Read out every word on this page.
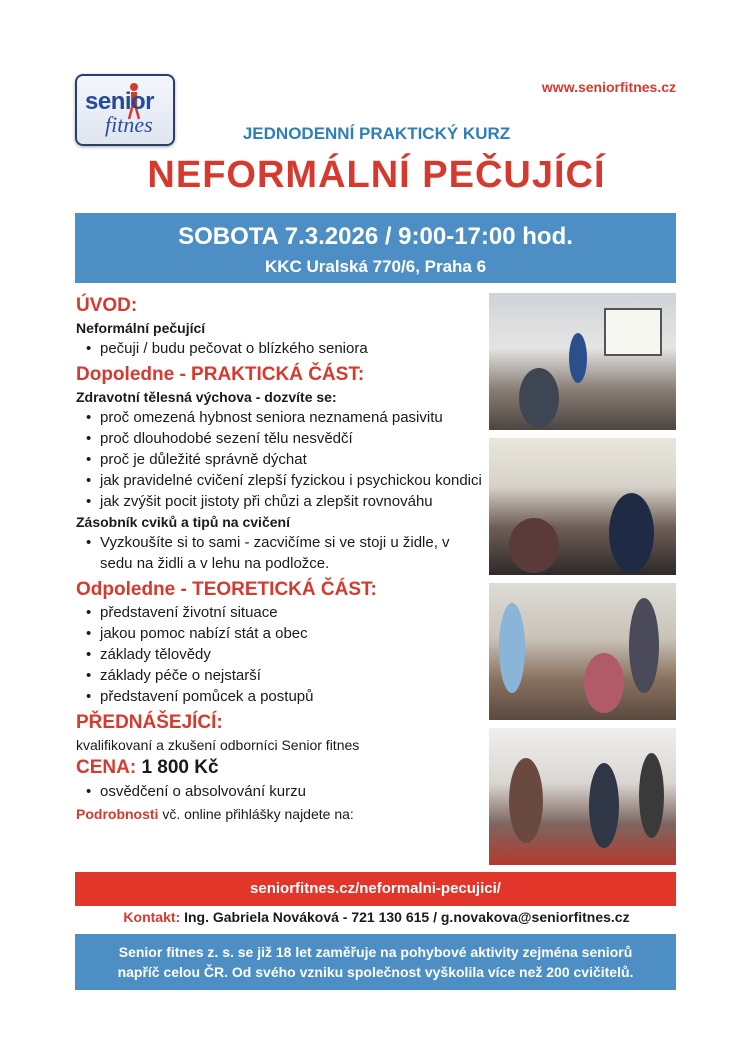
senior
fitnes
www.seniorfitnes.cz
JEDNODENNÍ PRAKTICKÝ KURZ
NEFORMÁLNÍ PEČUJÍCÍ
SOBOTA 7.3.2026 / 9:00-17:00 hod.
KKC Uralská 770/6, Praha 6
ÚVOD:
Neformální pečující
• pečuji / budu pečovat o blízkého seniora
Dopoledne - PRAKTICKÁ ČÁST:
Zdravotní tělesná výchova - dozvíte se:
• proč omezená hybnost seniora neznamená pasivitu
• proč dlouhodobé sezení tělu nesvědčí
• proč je důležité správně dýchat
• jak pravidelné cvičení zlepší fyzickou i psychickou kondici
• jak zvýšit pocit jistoty při chůzi a zlepšit rovnováhu
Zásobník cviků a tipů na cvičení
• Vyzkoušíte si to sami - zacvičíme si ve stoji u židle, v sedu na židli a v lehu na podložce.
Odpoledne - TEORETICKÁ ČÁST:
• představení životní situace
• jakou pomoc nabízí stát a obec
• základy tělovědy
• základy péče o nejstarší
• představení pomůcek a postupů
PŘEDNÁŠEJÍCÍ:
kvalifikovaní a zkušení odborníci Senior fitnes
CENA: 1 800 Kč
• osvědčení o absolvování kurzu
Podrobnosti vč. online přihlášky najdete na:
seniorfitnes.cz/neformalni-pecujici/
Kontakt: Ing. Gabriela Nováková - 721 130 615 / g.novakova@seniorfitnes.cz
Senior fitnes z. s. se již 18 let zaměřuje na pohybové aktivity zejména seniorů
napříč celou ČR. Od svého vzniku společnost vyškolila více než 200 cvičitelů.
